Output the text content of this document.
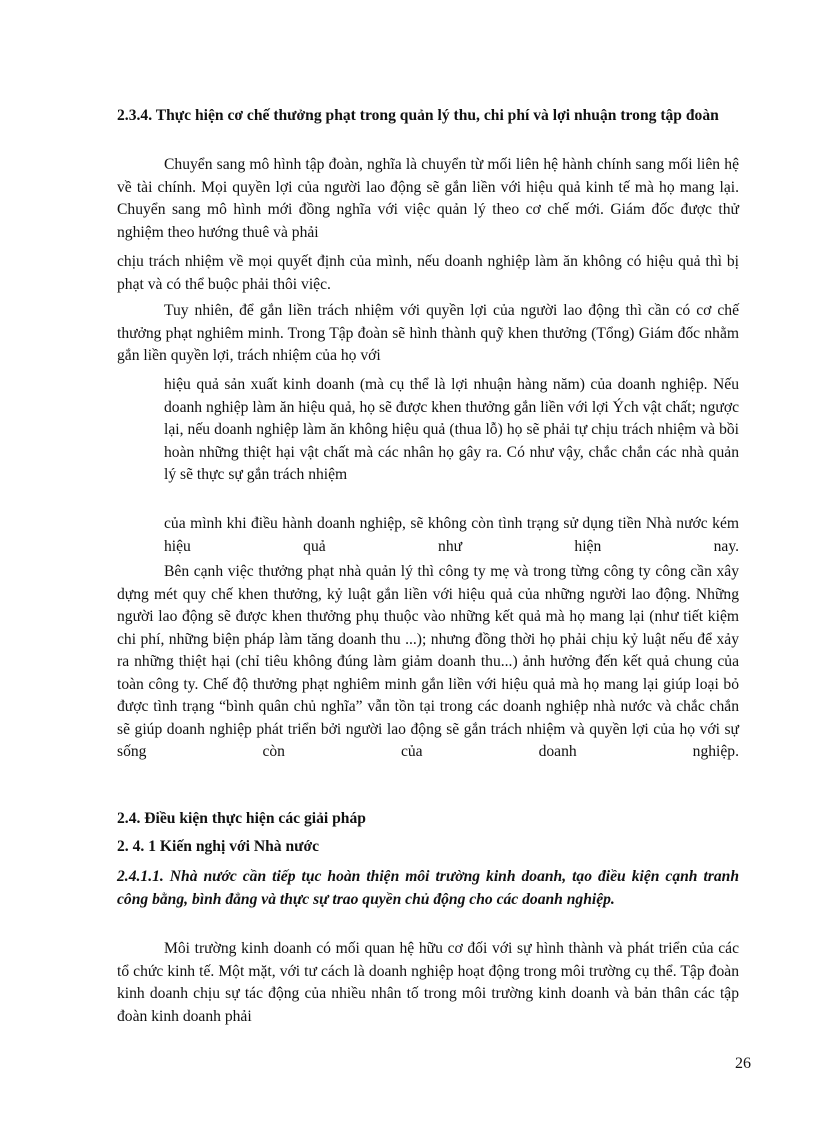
2.3.4. Thực hiện cơ chế thưởng phạt trong quản lý thu, chi phí và lợi nhuận trong tập đoàn
Chuyển sang mô hình tập đoàn, nghĩa là chuyển từ mối liên hệ hành chính sang mối liên hệ về tài chính. Mọi quyền lợi của người lao động sẽ gắn liền với hiệu quả kinh tế mà họ mang lại. Chuyển sang mô hình mới đồng nghĩa với việc quản lý theo cơ chế mới. Giám đốc được thử nghiệm theo hướng thuê và phải
chịu trách nhiệm về mọi quyết định của mình, nếu doanh nghiệp làm ăn không có hiệu quả thì bị phạt và có thể buộc phải thôi việc.
Tuy nhiên, để gắn liền trách nhiệm với quyền lợi của người lao động thì cần có cơ chế thưởng phạt nghiêm minh. Trong Tập đoàn sẽ hình thành quỹ khen thưởng (Tổng) Giám đốc nhằm gắn liền quyền lợi, trách nhiệm của họ với
hiệu quả sản xuất kinh doanh (mà cụ thể là lợi nhuận hàng năm) của doanh nghiệp. Nếu doanh nghiệp làm ăn hiệu quả, họ sẽ được khen thưởng gắn liền với lợi Ých vật chất; ngược lại, nếu doanh nghiệp làm ăn không hiệu quả (thua lỗ) họ sẽ phải tự chịu trách nhiệm và bồi hoàn những thiệt hại vật chất mà các nhân họ gây ra. Có như vậy, chắc chắn các nhà quản lý sẽ thực sự gắn trách nhiệm
của mình khi điều hành doanh nghiệp, sẽ không còn tình trạng sử dụng tiền Nhà nước kém hiệu quả như hiện nay.
Bên cạnh việc thưởng phạt nhà quản lý thì công ty mẹ và trong từng công ty công cần xây dựng mét quy chế khen thưởng, kỷ luật gắn liền với hiệu quả của những người lao động. Những người lao động sẽ được khen thưởng phụ thuộc vào những kết quả mà họ mang lại (như tiết kiệm chi phí, những biện pháp làm tăng doanh thu ...); nhưng đồng thời họ phải chịu kỷ luật nếu để xảy ra những thiệt hại (chỉ tiêu không đúng làm giảm doanh thu...) ảnh hưởng đến kết quả chung của toàn công ty. Chế độ thưởng phạt nghiêm minh gắn liền với hiệu quả mà họ mang lại giúp loại bỏ được tình trạng “bình quân chủ nghĩa” vẫn tồn tại trong các doanh nghiệp nhà nước và chắc chắn sẽ giúp doanh nghiệp phát triển bởi người lao động sẽ gắn trách nhiệm và quyền lợi của họ với sự sống còn của doanh nghiệp.
2.4. Điều kiện thực hiện các giải pháp
2. 4. 1 Kiến nghị với Nhà nước
2.4.1.1. Nhà nước cần tiếp tục hoàn thiện môi trường kinh doanh, tạo điều kiện cạnh tranh công bằng, bình đẳng và thực sự trao quyền chủ động cho các doanh nghiệp.
Môi trường kinh doanh có mối quan hệ hữu cơ đối với sự hình thành và phát triển của các tổ chức kinh tế. Một mặt, với tư cách là doanh nghiệp hoạt động trong môi trường cụ thể. Tập đoàn kinh doanh chịu sự tác động của nhiều nhân tố trong môi trường kinh doanh và bản thân các tập đoàn kinh doanh phải
26
